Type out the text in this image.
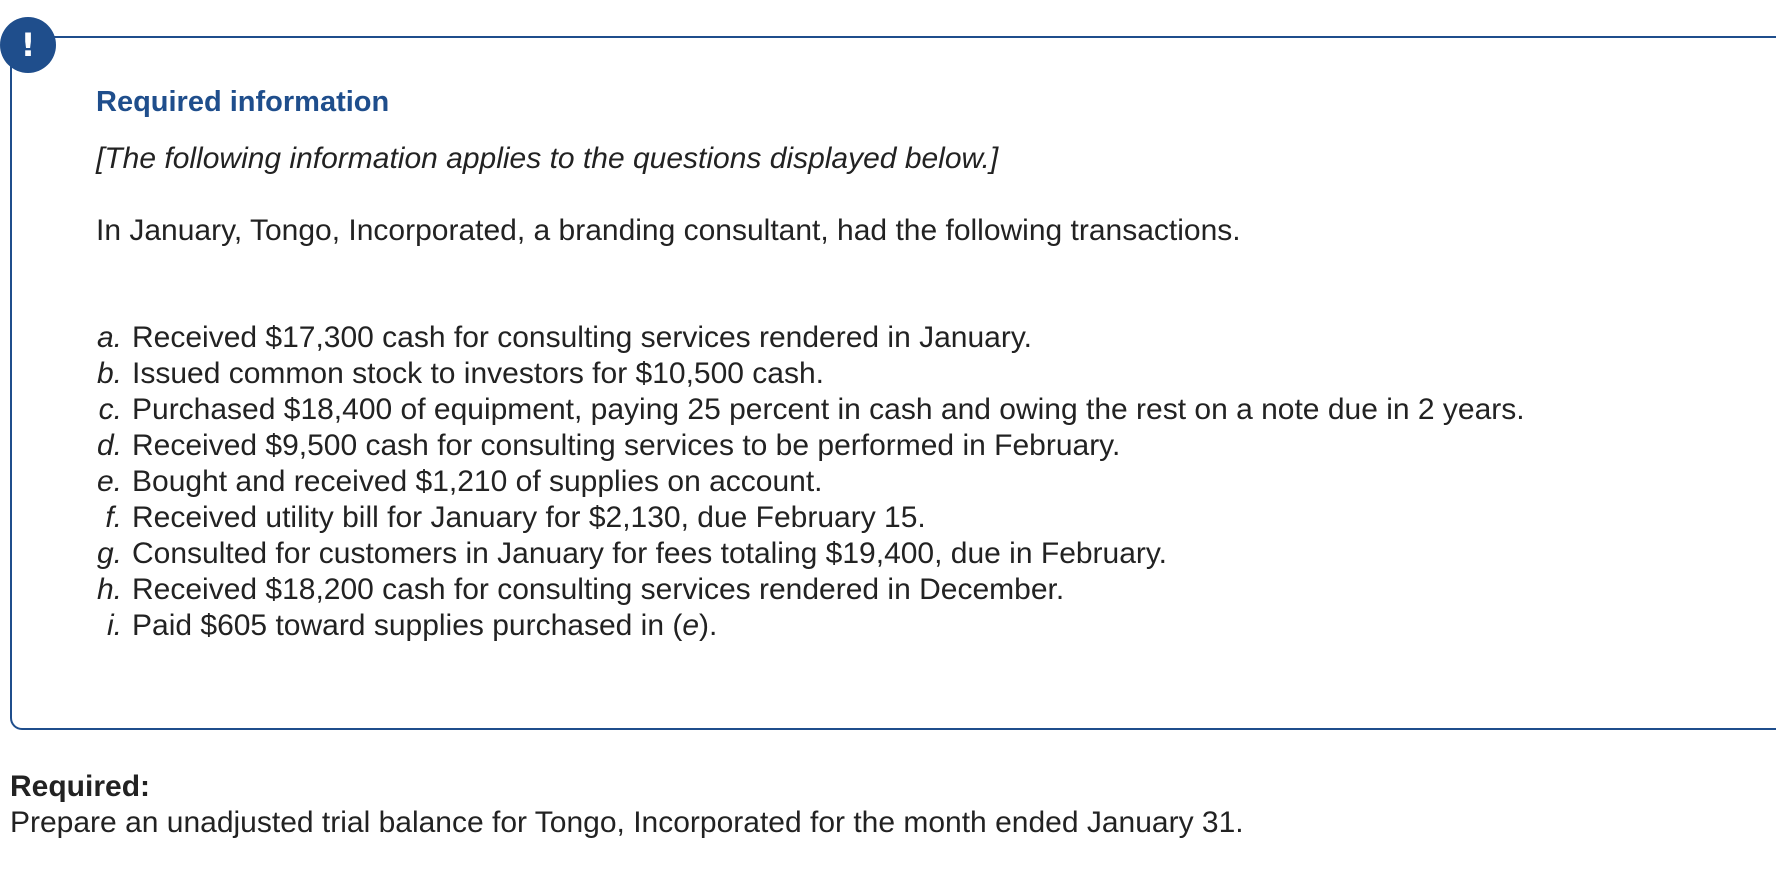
!
Required information

[The following information applies to the questions displayed below.]

In January, Tongo, Incorporated, a branding consultant, had the following transactions.

a. Received $17,300 cash for consulting services rendered in January.
b. Issued common stock to investors for $10,500 cash.
c. Purchased $18,400 of equipment, paying 25 percent in cash and owing the rest on a note due in 2 years.
d. Received $9,500 cash for consulting services to be performed in February.
e. Bought and received $1,210 of supplies on account.
f. Received utility bill for January for $2,130, due February 15.
g. Consulted for customers in January for fees totaling $19,400, due in February.
h. Received $18,200 cash for consulting services rendered in December.
i. Paid $605 toward supplies purchased in (e).
Required:

Prepare an unadjusted trial balance for Tongo, Incorporated for the month ended January 31.
